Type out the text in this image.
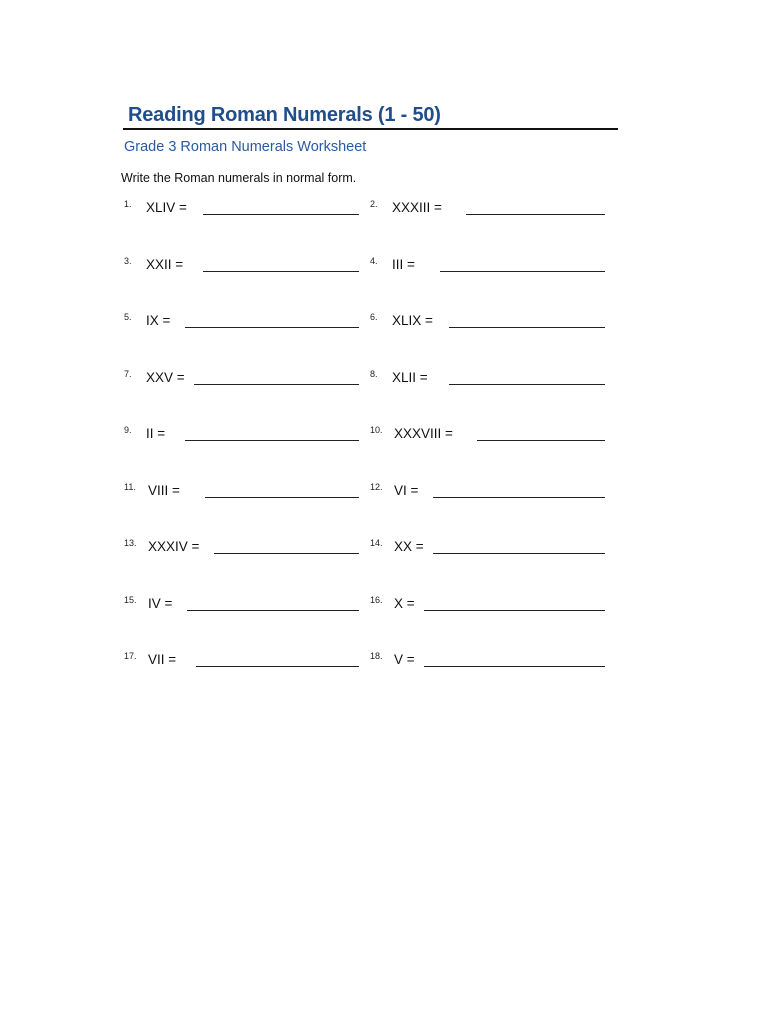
Reading Roman Numerals (1 - 50)
Grade 3 Roman Numerals Worksheet
Write the Roman numerals in normal form.
1. XLIV =	2. XXXIII =
3. XXII =	4. III =
5. IX =	6. XLIX =
7. XXV =	8. XLII =
9. II =	10. XXXVIII =
11. VIII =	12. VI =
13. XXXIV =	14. XX =
15. IV =	16. X =
17. VII =	18. V =
